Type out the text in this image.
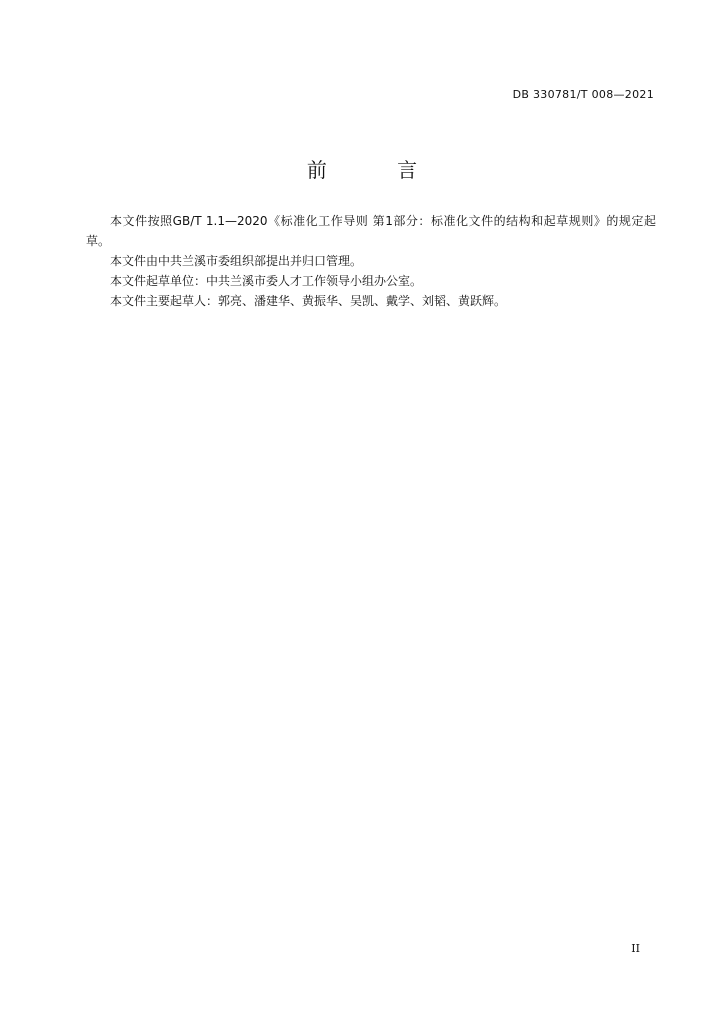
DB 330781/T 008—2021
前 言

本文件按照GB/T 1.1—2020《标准化工作导则 第1部分：标准化文件的结构和起草规则》的规定起草。

本文件由中共兰溪市委组织部提出并归口管理。

本文件起草单位：中共兰溪市委人才工作领导小组办公室。

本文件主要起草人：郭亮、潘建华、黄振华、吴凯、戴学、刘韬、黄跃辉。

II
